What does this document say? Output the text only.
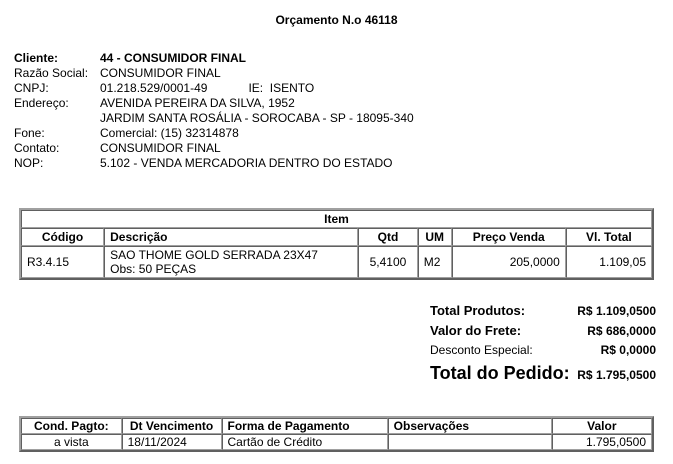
Orçamento N.o 46118
Cliente:	44 - CONSUMIDOR FINAL
Razão Social: CONSUMIDOR FINAL
CNPJ:	01.218.529/0001-49	IE:
ISENTO
Endereço:	AVENIDA PEREIRA DA SILVA, 1952
JARDIM SANTA ROSÁLIA - SOROCABA - SP - 18095-340
Fone:	Comercial: (15) 32314878
Contato:	CONSUMIDOR FINAL
NOP:	5.102 - VENDA MERCADORIA DENTRO DO ESTADO
Item					
Código	Descrição	Qtd	UM	Preço Venda	Vl. Total
R3.4.15	SAO THOME GOLD SERRADA 23X47
Obs: 50 PEÇAS	5,4100	M2	205,0000	1.109,05
Total Produtos:	R$ 1.109,0500
Valor do Frete:	R$ 686,0000
Desconto Especial:	R$ 0,0000
Total do Pedido: R$ 1.795,0500
Cond. Pagto:	Dt Vencimento	Forma de Pagamento	Observações	Valor
a vista	18/11/2024	Cartão de Crédito		1.795,0500
